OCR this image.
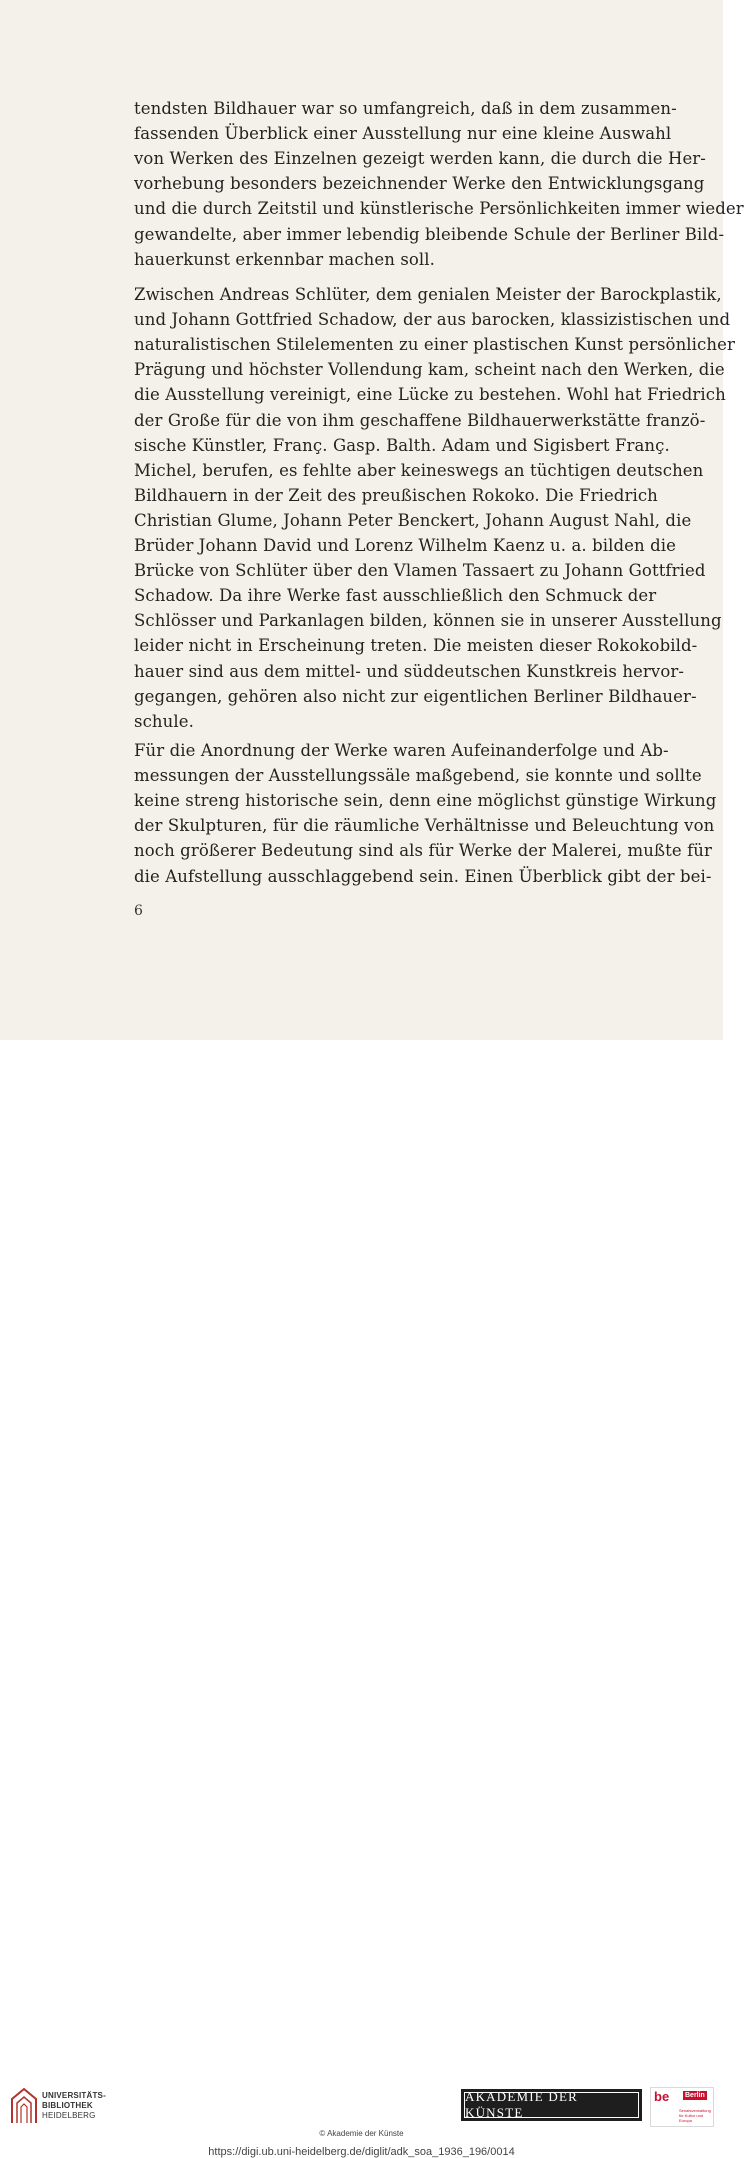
tendsten Bildhauer war so umfangreich, daß in dem zusammen-
fassenden Überblick einer Ausstellung nur eine kleine Auswahl
von Werken des Einzelnen gezeigt werden kann, die durch die Her-
vorhebung besonders bezeichnender Werke den Entwicklungsgang
und die durch Zeitstil und künstlerische Persönlichkeiten immer wieder
gewandelte, aber immer lebendig bleibende Schule der Berliner Bild-
hauerkunst erkennbar machen soll.
Zwischen Andreas Schlüter, dem genialen Meister der Barockplastik,
und Johann Gottfried Schadow, der aus barocken, klassizistischen und
naturalistischen Stilelementen zu einer plastischen Kunst persönlicher
Prägung und höchster Vollendung kam, scheint nach den Werken, die
die Ausstellung vereinigt, eine Lücke zu bestehen. Wohl hat Friedrich
der Große für die von ihm geschaffene Bildhauerwerkstätte franzö-
sische Künstler, Franç. Gasp. Balth. Adam und Sigisbert Franç.
Michel, berufen, es fehlte aber keineswegs an tüchtigen deutschen
Bildhauern in der Zeit des preußischen Rokoko. Die Friedrich
Christian Glume, Johann Peter Benckert, Johann August Nahl, die
Brüder Johann David und Lorenz Wilhelm Kaenz u. a. bilden die
Brücke von Schlüter über den Vlamen Tassaert zu Johann Gottfried
Schadow. Da ihre Werke fast ausschließlich den Schmuck der
Schlösser und Parkanlagen bilden, können sie in unserer Ausstellung
leider nicht in Erscheinung treten. Die meisten dieser Rokokobild-
hauer sind aus dem mittel- und süddeutschen Kunstkreis hervor-
gegangen, gehören also nicht zur eigentlichen Berliner Bildhauer-
schule.
Für die Anordnung der Werke waren Aufeinanderfolge und Ab-
messungen der Ausstellungssäle maßgebend, sie konnte und sollte
keine streng historische sein, denn eine möglichst günstige Wirkung
der Skulpturen, für die räumliche Verhältnisse und Beleuchtung von
noch größerer Bedeutung sind als für Werke der Malerei, mußte für
die Aufstellung ausschlaggebend sein. Einen Überblick gibt der bei-
6
UNIVERSITÄTS-
BIBLIOTHEK
HEIDELBERG
AKADEMIE DER KÜNSTE
be Berlin
Senatsverwaltung für Kultur und Europa
© Akademie der Künste
https://digi.ub.uni-heidelberg.de/diglit/adk_soa_1936_196/0014
